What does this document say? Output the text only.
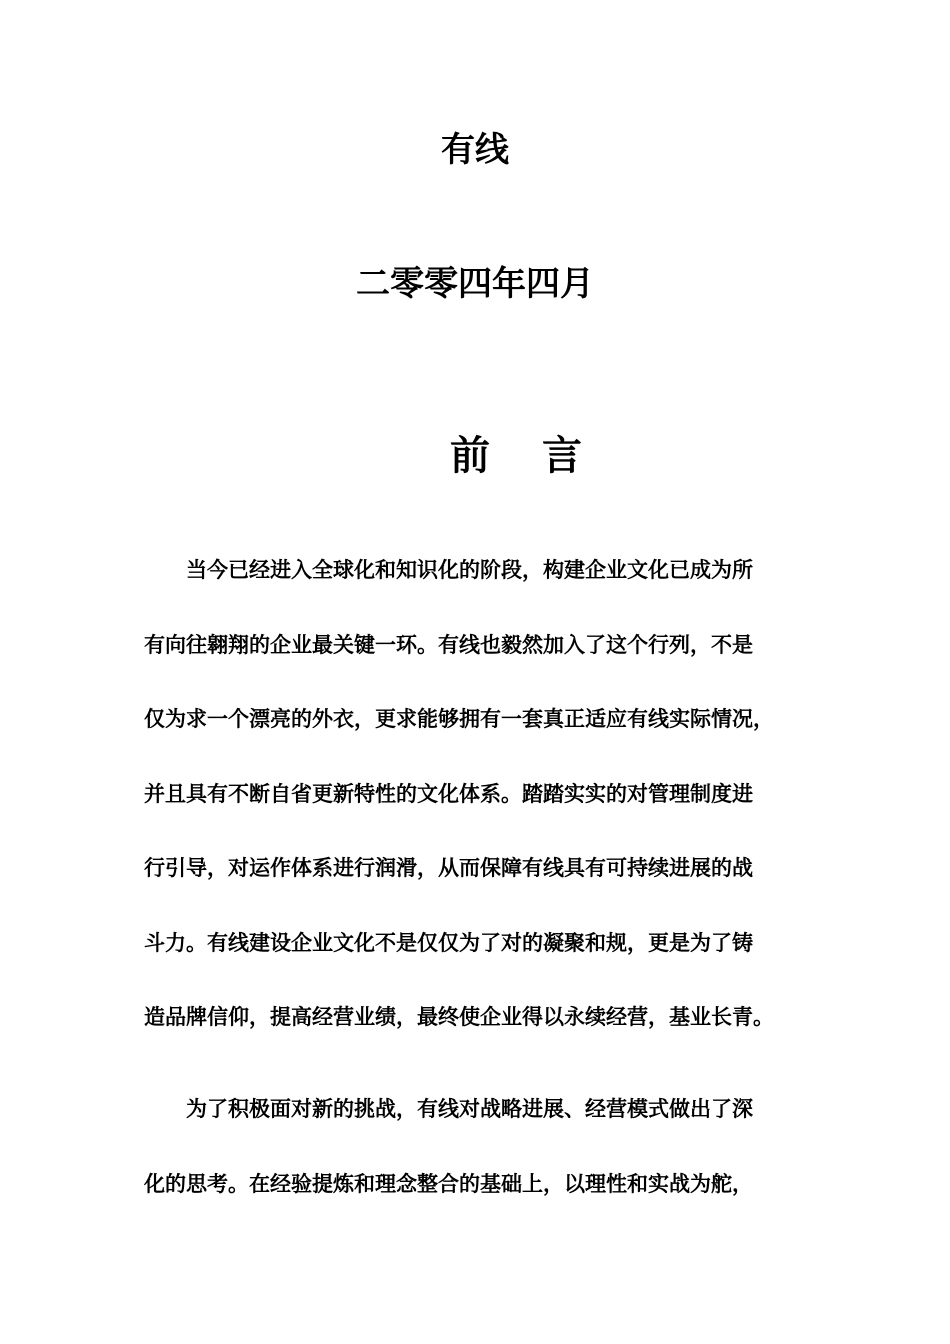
有线
二零零四年四月
前 言
当今已经进入全球化和知识化的阶段，构建企业文化已成为所
有向往翱翔的企业最关键一环。有线也毅然加入了这个行列，不是
仅为求一个漂亮的外衣，更求能够拥有一套真正适应有线实际情况，
并且具有不断自省更新特性的文化体系。踏踏实实的对管理制度进
行引导，对运作体系进行润滑，从而保障有线具有可持续进展的战
斗力。有线建设企业文化不是仅仅为了对的凝聚和规，更是为了铸
造品牌信仰，提高经营业绩，最终使企业得以永续经营，基业长青。
为了积极面对新的挑战，有线对战略进展、经营模式做出了深
化的思考。在经验提炼和理念整合的基础上，以理性和实战为舵，
